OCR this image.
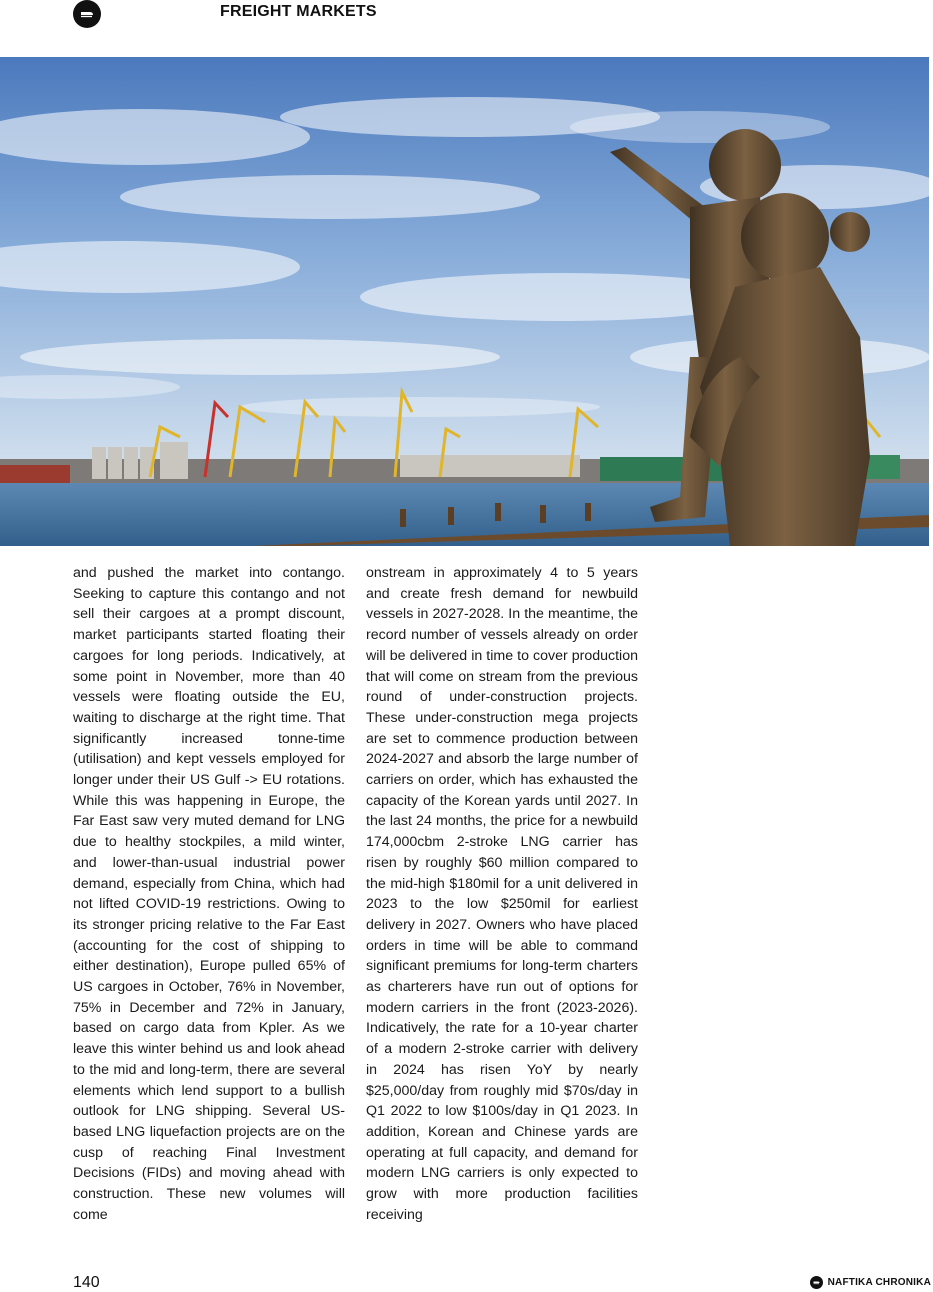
FREIGHT MARKETS
and pushed the market into contango. Seeking to capture this contango and not sell their cargoes at a prompt discount, market participants started floating their cargoes for long periods. Indicatively, at some point in November, more than 40 vessels were floating outside the EU, waiting to discharge at the right time. That significantly increased tonne-time (utilisation) and kept vessels employed for longer under their US Gulf -> EU rotations. While this was happening in Europe, the Far East saw very muted demand for LNG due to healthy stockpiles, a mild winter, and lower-than-usual industrial power demand, especially from China, which had not lifted COVID-19 restrictions. Owing to its stronger pricing relative to the Far East (accounting for the cost of shipping to either destination), Europe pulled 65% of US cargoes in October, 76% in November, 75% in December and 72% in January, based on cargo data from Kpler. As we leave this winter behind us and look ahead to the mid and long-term, there are several elements which lend support to a bullish outlook for LNG shipping. Several US-based LNG liquefaction projects are on the cusp of reaching Final Investment Decisions (FIDs) and moving ahead with construction. These new volumes will come
onstream in approximately 4 to 5 years and create fresh demand for newbuild vessels in 2027-2028. In the meantime, the record number of vessels already on order will be delivered in time to cover production that will come on stream from the previous round of under-construction projects. These under-construction mega projects are set to commence production between 2024-2027 and absorb the large number of carriers on order, which has exhausted the capacity of the Korean yards until 2027. In the last 24 months, the price for a newbuild 174,000cbm 2-stroke LNG carrier has risen by roughly $60 million compared to the mid-high $180mil for a unit delivered in 2023 to the low $250mil for earliest delivery in 2027. Owners who have placed orders in time will be able to command significant premiums for long-term charters as charterers have run out of options for modern carriers in the front (2023-2026). Indicatively, the rate for a 10-year charter of a modern 2-stroke carrier with delivery in 2024 has risen YoY by nearly $25,000/day from roughly mid $70s/day in Q1 2022 to low $100s/day in Q1 2023. In addition, Korean and Chinese yards are operating at full capacity, and demand for modern LNG carriers is only expected to grow with more production facilities receiving
140	NAFTIKA CHRONIKA
